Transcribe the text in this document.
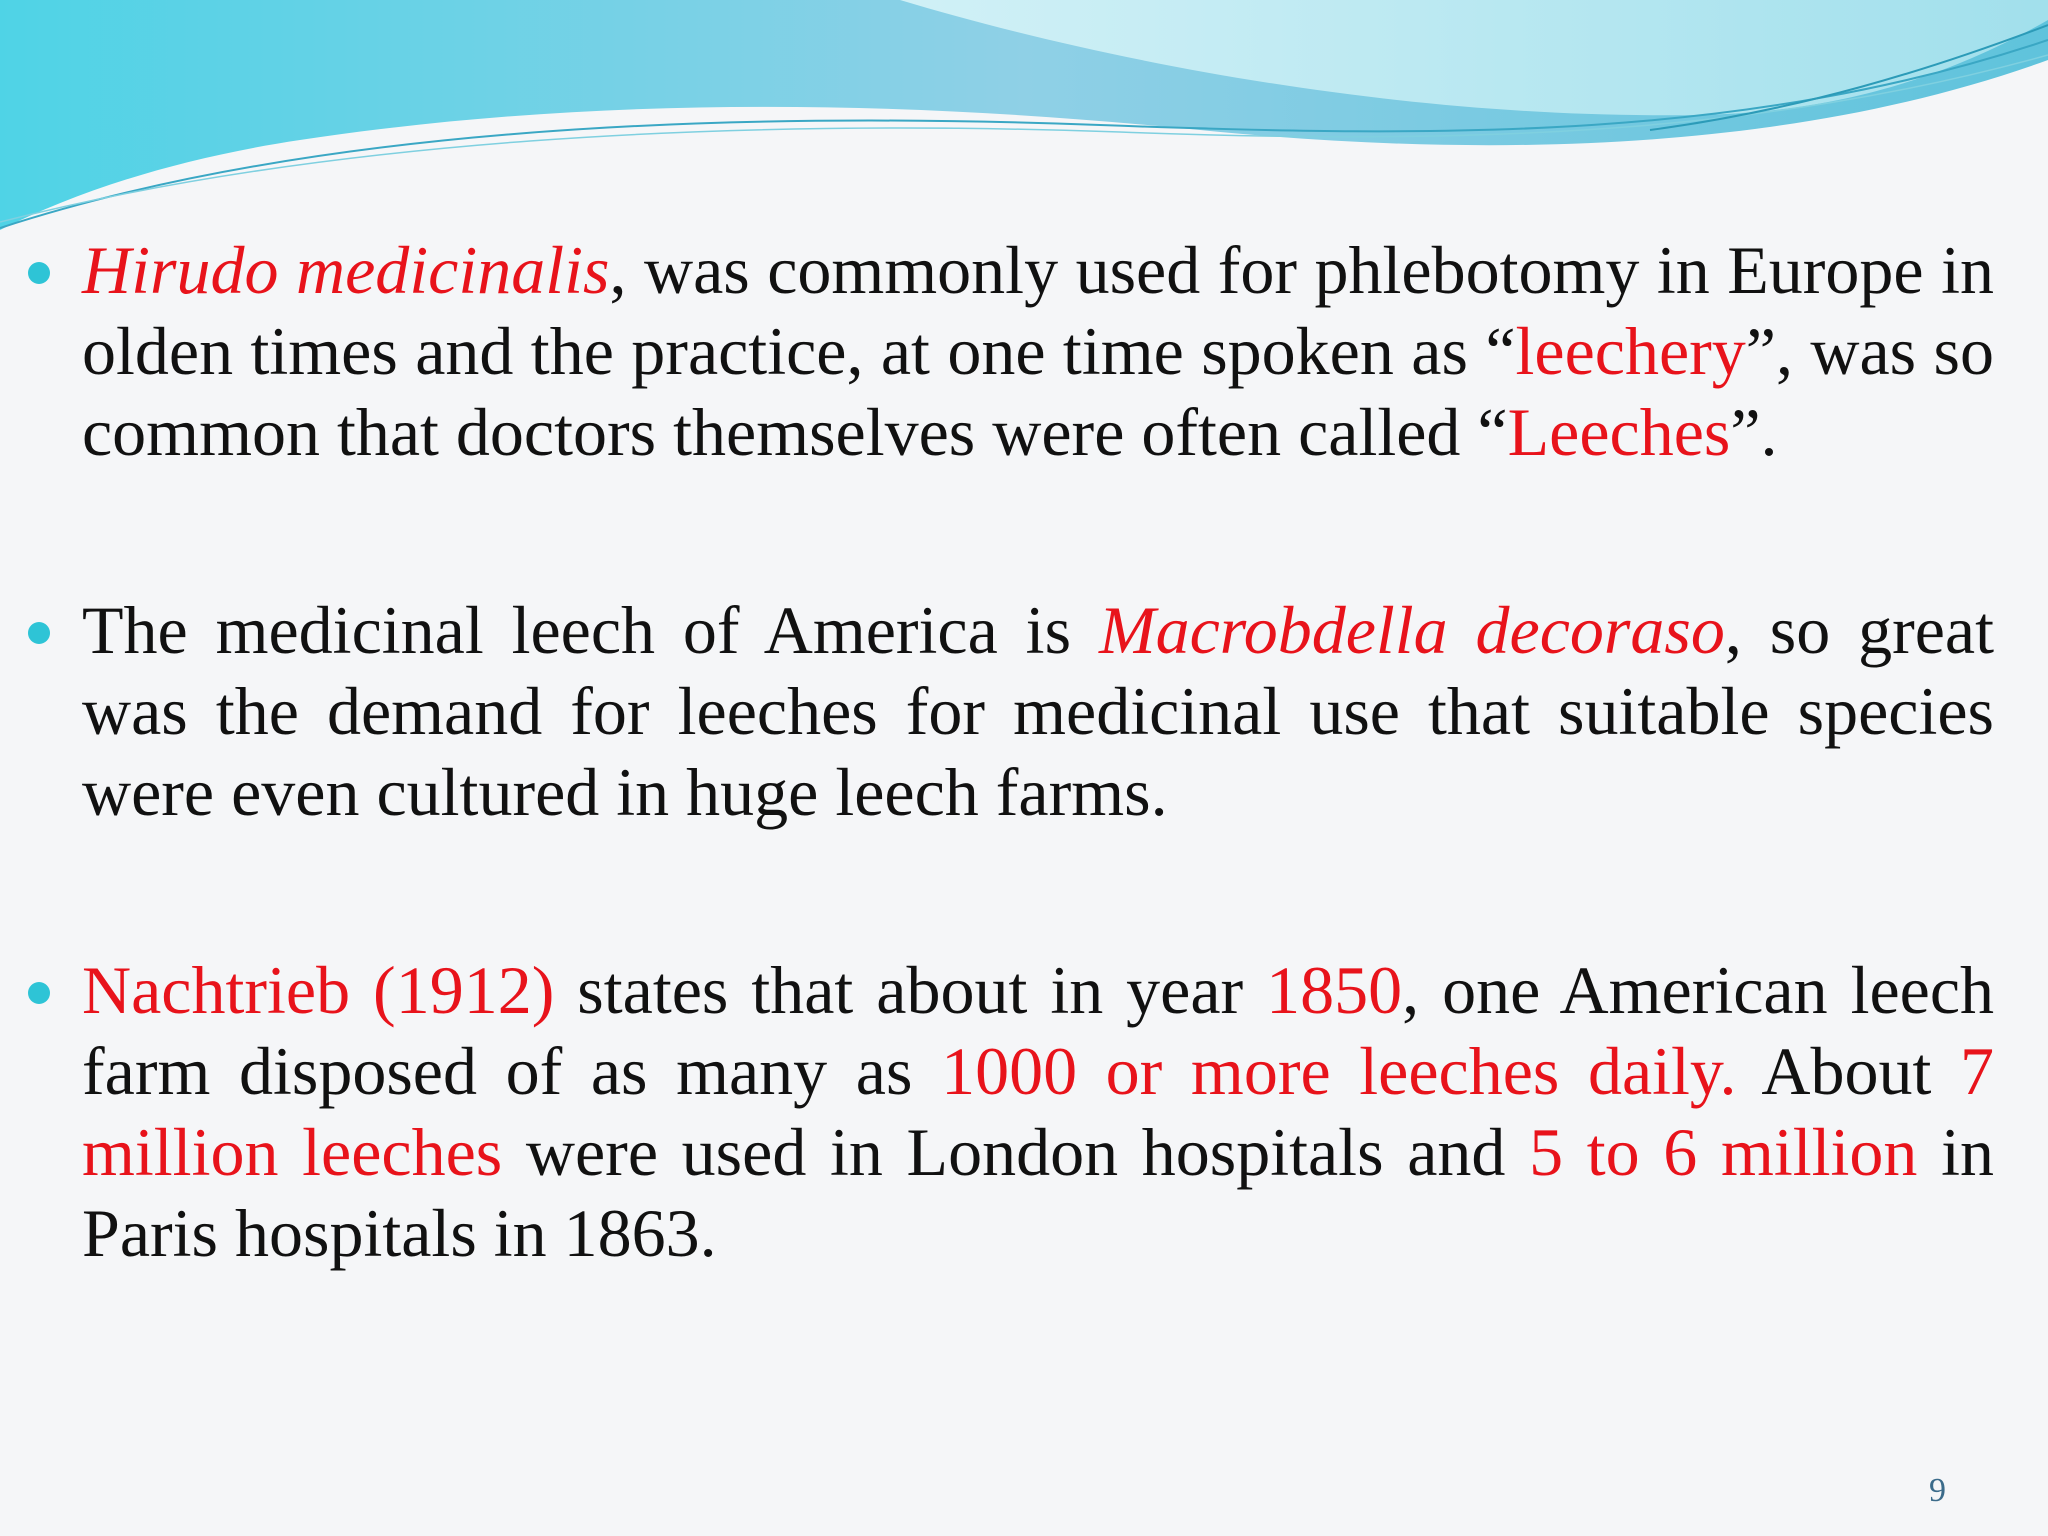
Hirudo medicinalis, was commonly used for phlebotomy in Europe in olden times and the practice, at one time spoken as “leechery”, was so common that doctors themselves were often called “Leeches”.
The medicinal leech of America is Macrobdella decoraso, so great was the demand for leeches for medicinal use that suitable species were even cultured in huge leech farms.
Nachtrieb (1912) states that about in year 1850, one American leech farm disposed of as many as 1000 or more leeches daily. About 7 million leeches were used in London hospitals and 5 to 6 million in Paris hospitals in 1863.
9
